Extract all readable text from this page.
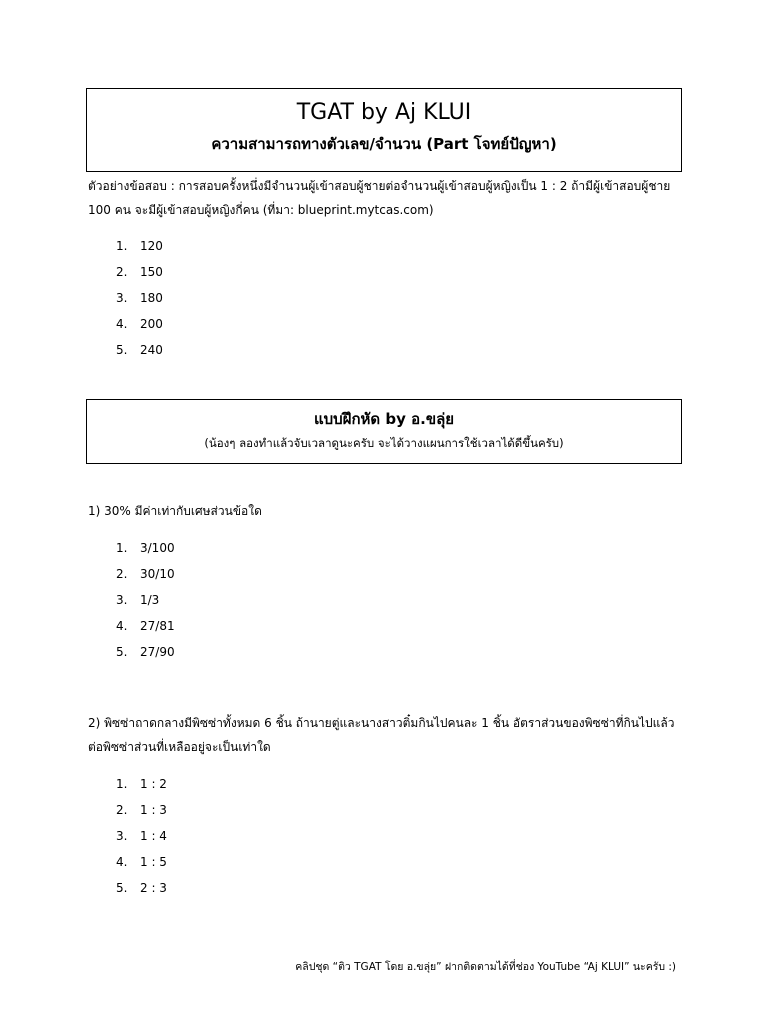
TGAT by Aj KLUI
ความสามารถทางตัวเลข/จำนวน (Part โจทย์ปัญหา)
ตัวอย่างข้อสอบ : การสอบครั้งหนึ่งมีจำนวนผู้เข้าสอบผู้ชายต่อจำนวนผู้เข้าสอบผู้หญิงเป็น 1 : 2 ถ้ามีผู้เข้าสอบผู้ชาย 100 คน จะมีผู้เข้าสอบผู้หญิงกี่คน (ที่มา: blueprint.mytcas.com)
1. 120
2. 150
3. 180
4. 200
5. 240
แบบฝึกหัด by อ.ขลุ่ย
(น้องๆ ลองทำแล้วจับเวลาดูนะครับ จะได้วางแผนการใช้เวลาได้ดีขึ้นครับ)
1) 30% มีค่าเท่ากับเศษส่วนข้อใด
1. 3/100
2. 30/10
3. 1/3
4. 27/81
5. 27/90
2) พิซซ่าถาดกลางมีพิซซ่าทั้งหมด 6 ชิ้น ถ้านายตู่และนางสาวติ๋มกินไปคนละ 1 ชิ้น อัตราส่วนของพิซซ่าที่กินไปแล้วต่อพิซซ่าส่วนที่เหลืออยู่จะเป็นเท่าใด
1. 1 : 2
2. 1 : 3
3. 1 : 4
4. 1 : 5
5. 2 : 3
คลิปชุด “ติว TGAT โดย อ.ขลุ่ย” ฝากติดตามได้ที่ช่อง YouTube “Aj KLUI” นะครับ :)
